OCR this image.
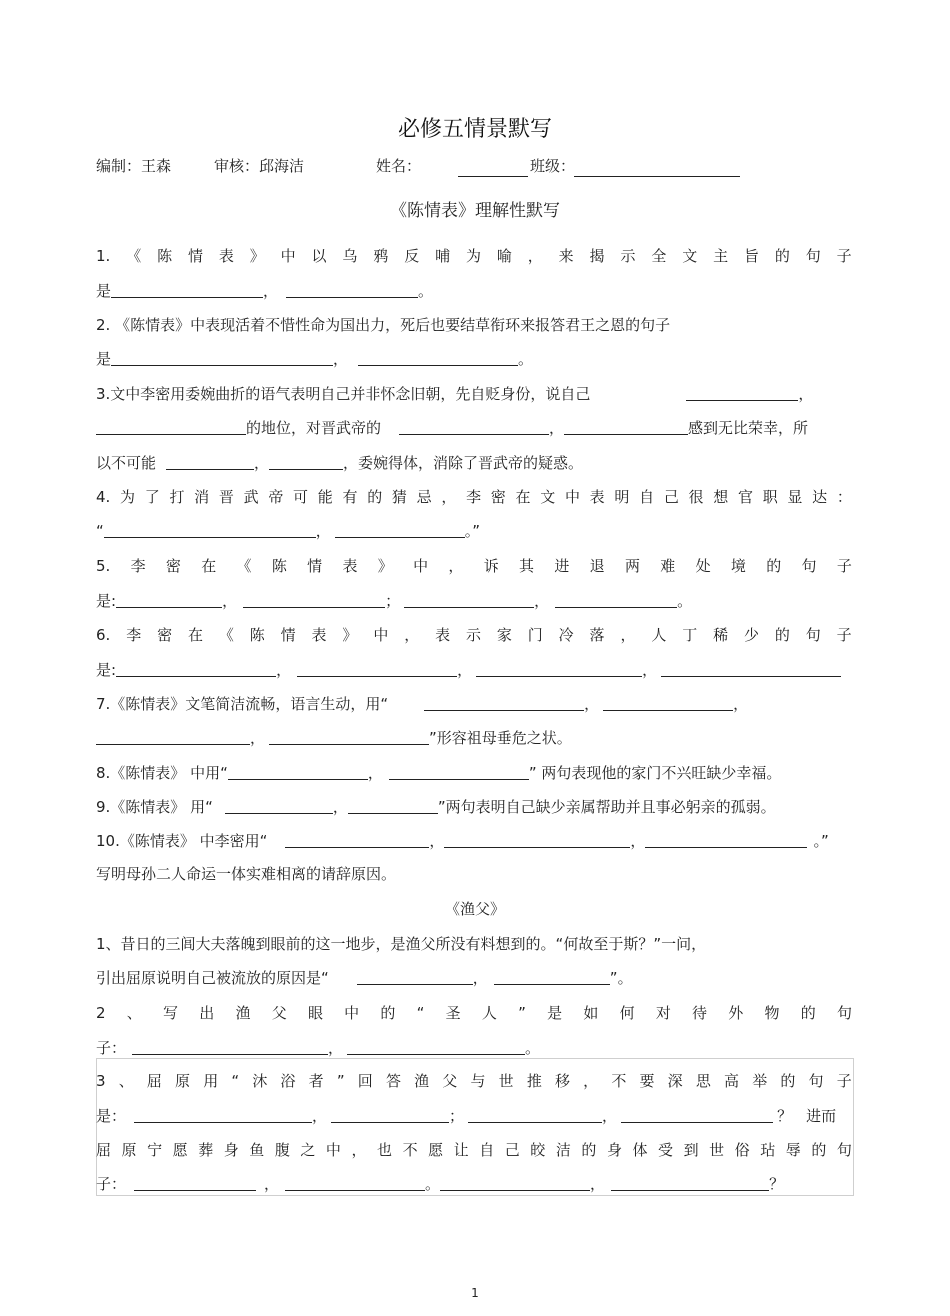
必修五情景默写
编制：王森	审核：邱海洁	姓名：	班级：
《陈情表》理解性默写
1. 《 陈 情 表 》 中 以 乌 鸦 反 哺 为 喻 ， 来 揭 示 全 文 主 旨 的 句 子
是	，	。
2. 《陈情表》中表现活着不惜性命为国出力，死后也要结草衔环来报答君王之恩的句子
是	，	。
3.文中李密用委婉曲折的语气表明自己并非怀念旧朝，先自贬身份，说自己	，
的地位，对晋武帝的	，	感到无比荣幸，所
以不可能	，	，委婉得体，消除了晋武帝的疑惑。
4. 为 了 打 消 晋 武 帝 可 能 有 的 猜 忌 ， 李 密 在 文 中 表 明 自 己 很 想 官 职 显 达 ：
“	，	。”
5. 李 密 在 《 陈 情 表 》 中 ， 诉 其 进 退 两 难 处 境 的 句 子
是:	，	；	，	。
6. 李 密 在 《 陈 情 表 》 中 ， 表 示 家 门 冷 落 ， 人 丁 稀 少 的 句 子
是:	，	，	，
7.《陈情表》文笔简洁流畅，语言生动，用“	，	，
，	”形容祖母垂危之状。
8.《陈情表》 中用“	，	” 两句表现他的家门不兴旺缺少幸福。
9.《陈情表》 用“	，	”两句表明自己缺少亲属帮助并且事必躬亲的孤弱。
10.《陈情表》 中李密用“	，	，	。”
写明母孙二人命运一体实难相离的请辞原因。
《渔父》
1、昔日的三闾大夫落魄到眼前的这一地步，是渔父所没有料想到的。“何故至于斯？”一问，
引出屈原说明自己被流放的原因是“	，	”。
2 、 写 出 渔 父 眼 中 的 “ 圣 人 ” 是 如 何 对 待 外 物 的 句
子：	，	。
3 、 屈 原 用 “ 沐 浴 者 ” 回 答 渔 父 与 世 推 移 ， 不 要 深 思 高 举 的 句 子
是：	，	；	，	？ 进而
屈 原 宁 愿 葬 身 鱼 腹 之 中 ， 也 不 愿 让 自 己 皎 洁 的 身 体 受 到 世 俗 玷 辱 的 句
子：	，	。	，	？
1
